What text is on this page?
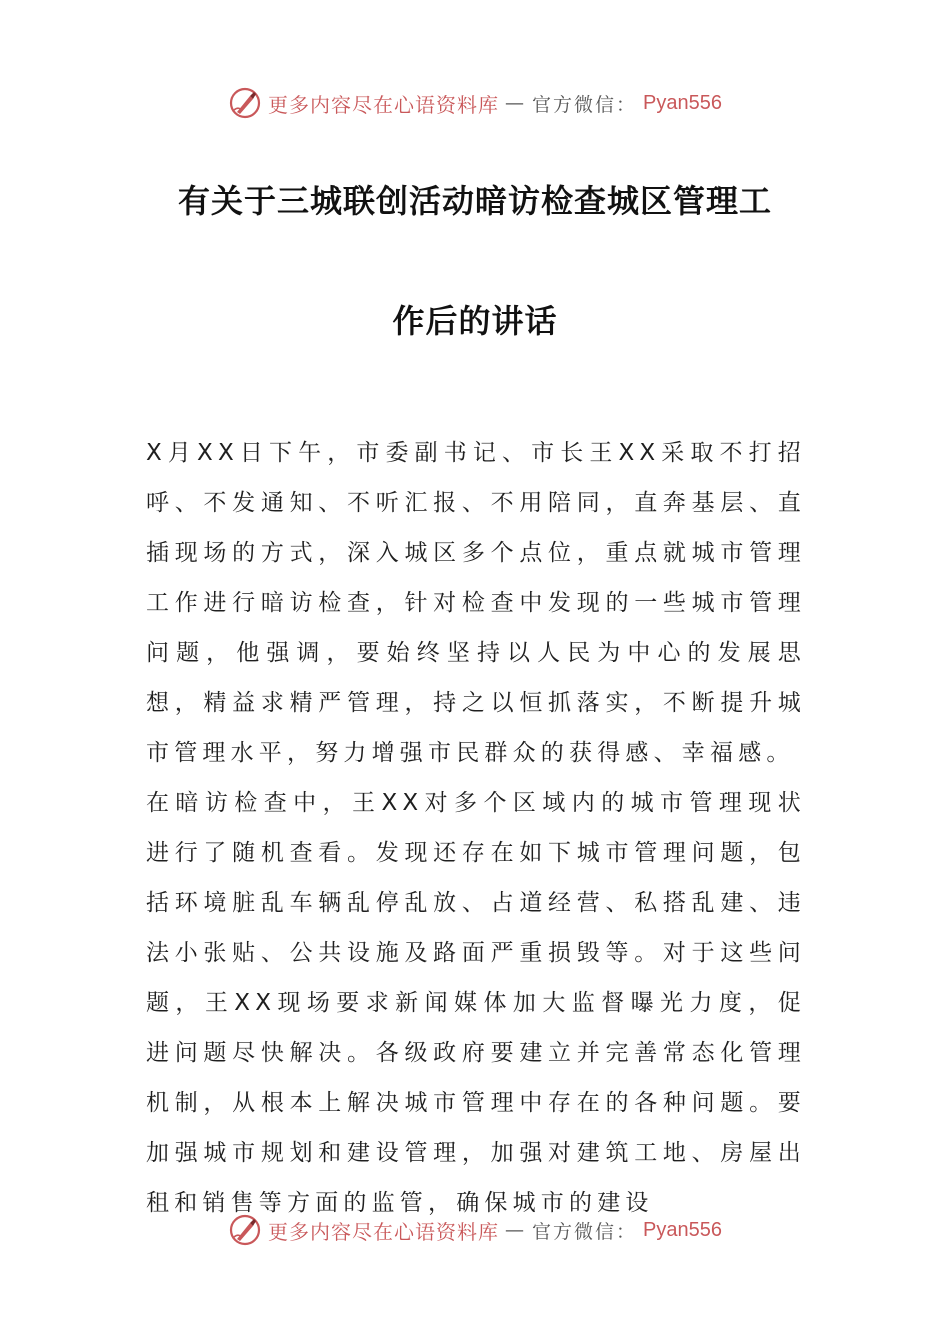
更多内容尽在心语资料库 — 官方微信： Pyan556
有关于三城联创活动暗访检查城区管理工
作后的讲话

X月XX日下午，市委副书记、市长王XX采取不打招呼、不发通知、不听汇报、不用陪同，直奔基层、直插现场的方式，深入城区多个点位，重点就城市管理工作进行暗访检查，针对检查中发现的一些城市管理问题，他强调，要始终坚持以人民为中心的发展思想，精益求精严管理，持之以恒抓落实，不断提升城市管理水平，努力增强市民群众的获得感、幸福感。

在暗访检查中，王XX对多个区域内的城市管理现状进行了随机查看。发现还存在如下城市管理问题，包括环境脏乱车辆乱停乱放、占道经营、私搭乱建、违法小张贴、公共设施及路面严重损毁等。对于这些问题，王XX现场要求新闻媒体加大监督曝光力度，促进问题尽快解决。各级政府要建立并完善常态化管理机制，从根本上解决城市管理中存在的各种问题。要加强城市规划和建设管理，加强对建筑工地、房屋出租和销售等方面的监管，确保城市的建设

更多内容尽在心语资料库 — 官方微信： Pyan556
